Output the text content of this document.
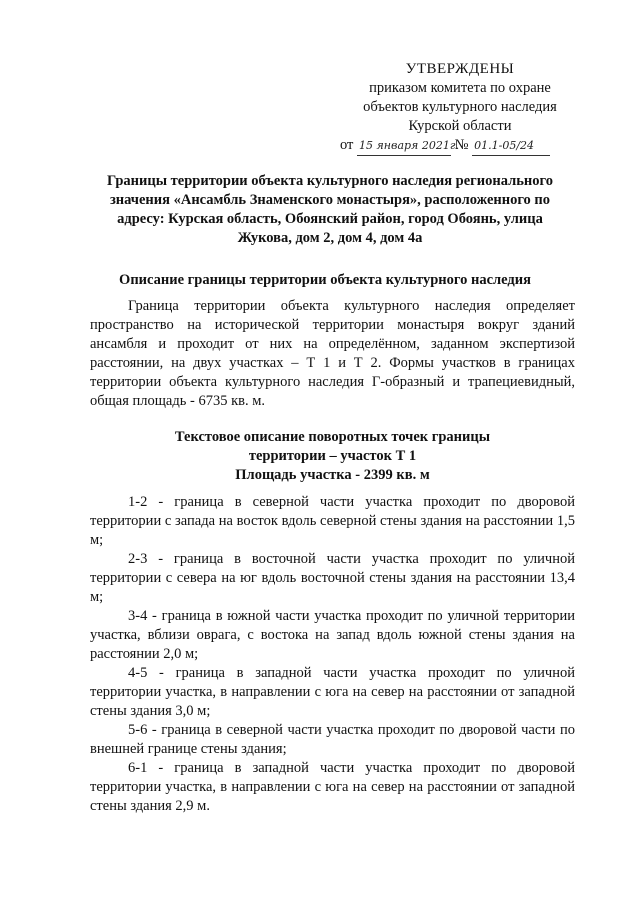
УТВЕРЖДЕНЫ
приказом комитета по охране
объектов культурного наследия
Курской области
от 15 января 2021г. № 01.1-05/24
Границы территории объекта культурного наследия регионального значения «Ансамбль Знаменского монастыря», расположенного по адресу: Курская область, Обоянский район, город Обоянь, улица Жукова, дом 2, дом 4, дом 4а
Описание границы территории объекта культурного наследия
Граница территории объекта культурного наследия определяет пространство на исторической территории монастыря вокруг зданий ансамбля и проходит от них на определённом, заданном экспертизой расстоянии, на двух участках – Т 1 и Т 2. Формы участков в границах территории объекта культурного наследия Г-образный и трапециевидный, общая площадь - 6735 кв. м.
Текстовое описание поворотных точек границы
территории – участок Т 1
Площадь участка - 2399 кв. м

1-2 - граница в северной части участка проходит по дворовой территории с запада на восток вдоль северной стены здания на расстоянии 1,5 м;

2-3 - граница в восточной части участка проходит по уличной территории с севера на юг вдоль восточной стены здания на расстоянии 13,4 м;

3-4 - граница в южной части участка проходит по уличной территории участка, вблизи оврага, с востока на запад вдоль южной стены здания на расстоянии 2,0 м;

4-5 - граница в западной части участка проходит по уличной территории участка, в направлении с юга на север на расстоянии от западной стены здания 3,0 м;

5-6 - граница в северной части участка проходит по дворовой части по внешней границе стены здания;

6-1 - граница в западной части участка проходит по дворовой территории участка, в направлении с юга на север на расстоянии от западной стены здания 2,9 м.
